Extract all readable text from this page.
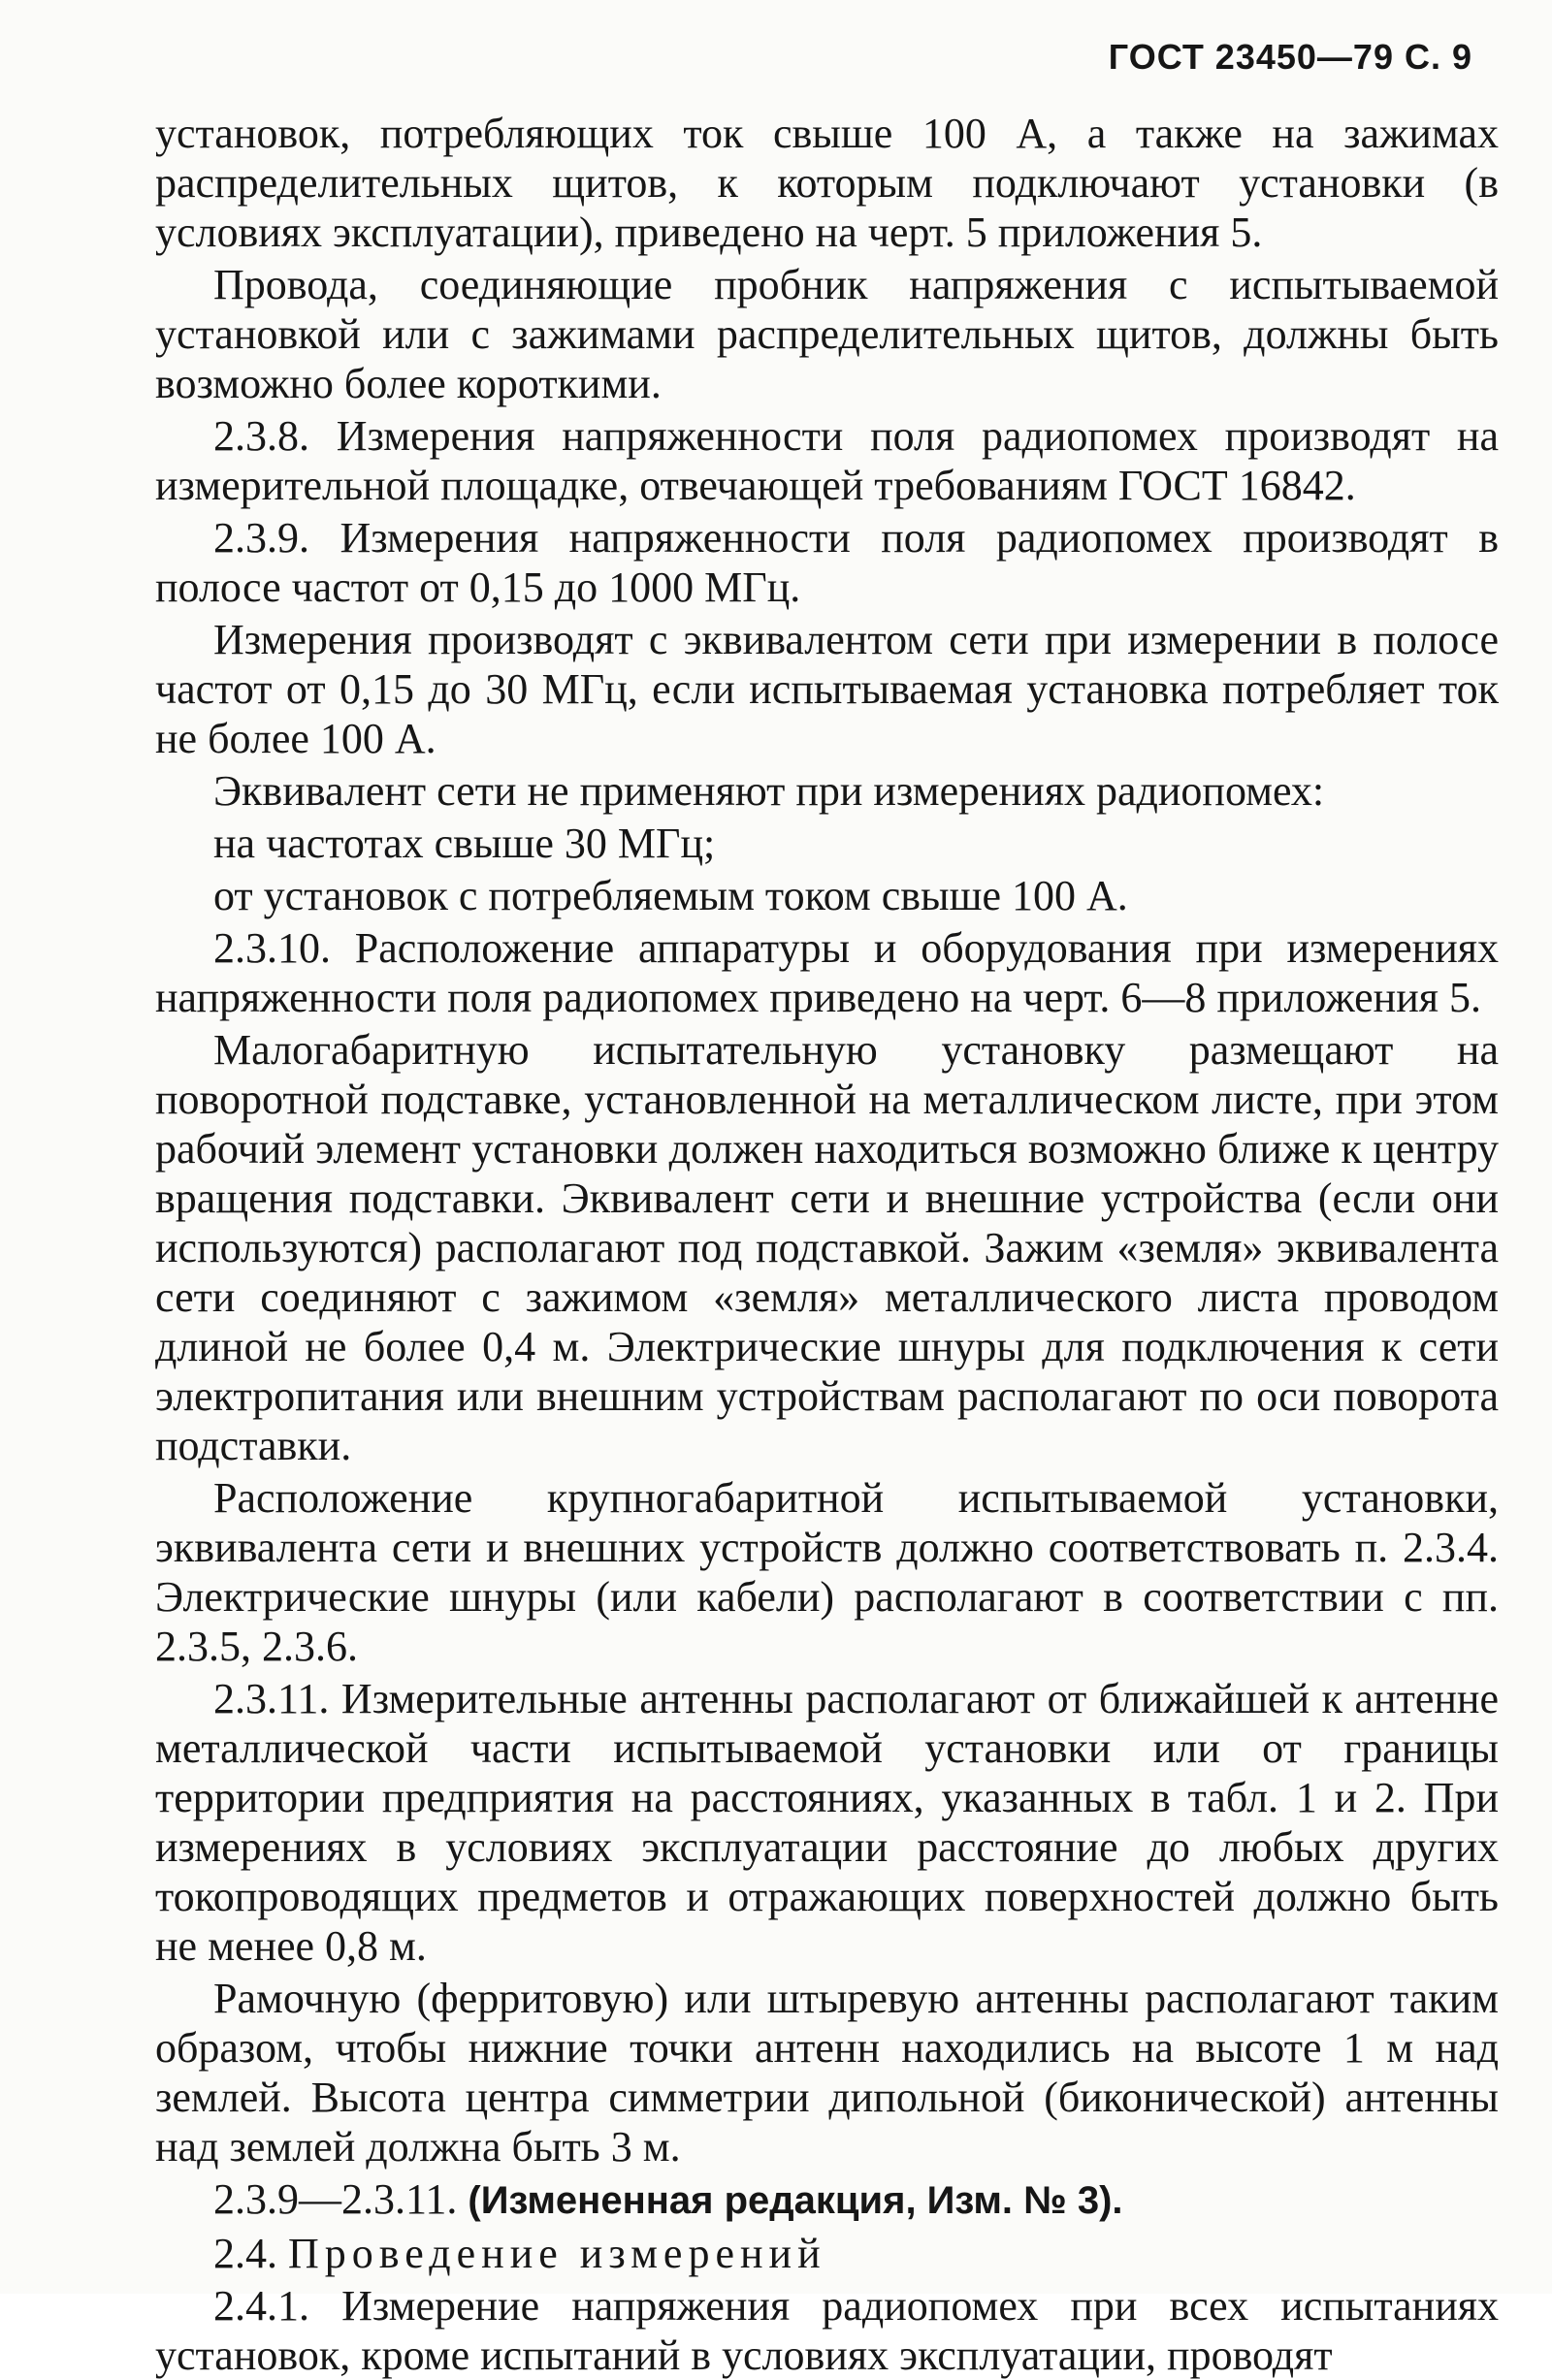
ГОСТ 23450—79 С. 9

установок, потребляющих ток свыше 100 А, а также на зажимах распределительных щитов, к которым подключают установки (в условиях эксплуатации), приведено на черт. 5 приложения 5.

Провода, соединяющие пробник напряжения с испытываемой установкой или с зажимами распределительных щитов, должны быть возможно более короткими.

2.3.8. Измерения напряженности поля радиопомех производят на измерительной площадке, отвечающей требованиям ГОСТ 16842.

2.3.9. Измерения напряженности поля радиопомех производят в полосе частот от 0,15 до 1000 МГц.

Измерения производят с эквивалентом сети при измерении в полосе частот от 0,15 до 30 МГц, если испытываемая установка потребляет ток не более 100 А.

Эквивалент сети не применяют при измерениях радиопомех:

на частотах свыше 30 МГц;

от установок с потребляемым током свыше 100 А.

2.3.10. Расположение аппаратуры и оборудования при измерениях напряженности поля радиопомех приведено на черт. 6—8 приложения 5.

Малогабаритную испытательную установку размещают на поворотной подставке, установленной на металлическом листе, при этом рабочий элемент установки должен находиться возможно ближе к центру вращения подставки. Эквивалент сети и внешние устройства (если они используются) располагают под подставкой. Зажим «земля» эквивалента сети соединяют с зажимом «земля» металлического листа проводом длиной не более 0,4 м. Электрические шнуры для подключения к сети электропитания или внешним устройствам располагают по оси поворота подставки.

Расположение крупногабаритной испытываемой установки, эквивалента сети и внешних устройств должно соответствовать п. 2.3.4. Электрические шнуры (или кабели) располагают в соответствии с пп. 2.3.5, 2.3.6.

2.3.11. Измерительные антенны располагают от ближайшей к антенне металлической части испытываемой установки или от границы территории предприятия на расстояниях, указанных в табл. 1 и 2. При измерениях в условиях эксплуатации расстояние до любых других токопроводящих предметов и отражающих поверхностей должно быть не менее 0,8 м.

Рамочную (ферритовую) или штыревую антенны располагают таким образом, чтобы нижние точки антенн находились на высоте 1 м над землей. Высота центра симметрии дипольной (биконической) антенны над землей должна быть 3 м.

2.3.9—2.3.11. (Измененная редакция, Изм. № 3).

2.4. Проведение измерений

2.4.1. Измерение напряжения радиопомех при всех испытаниях установок, кроме испытаний в условиях эксплуатации, проводят
